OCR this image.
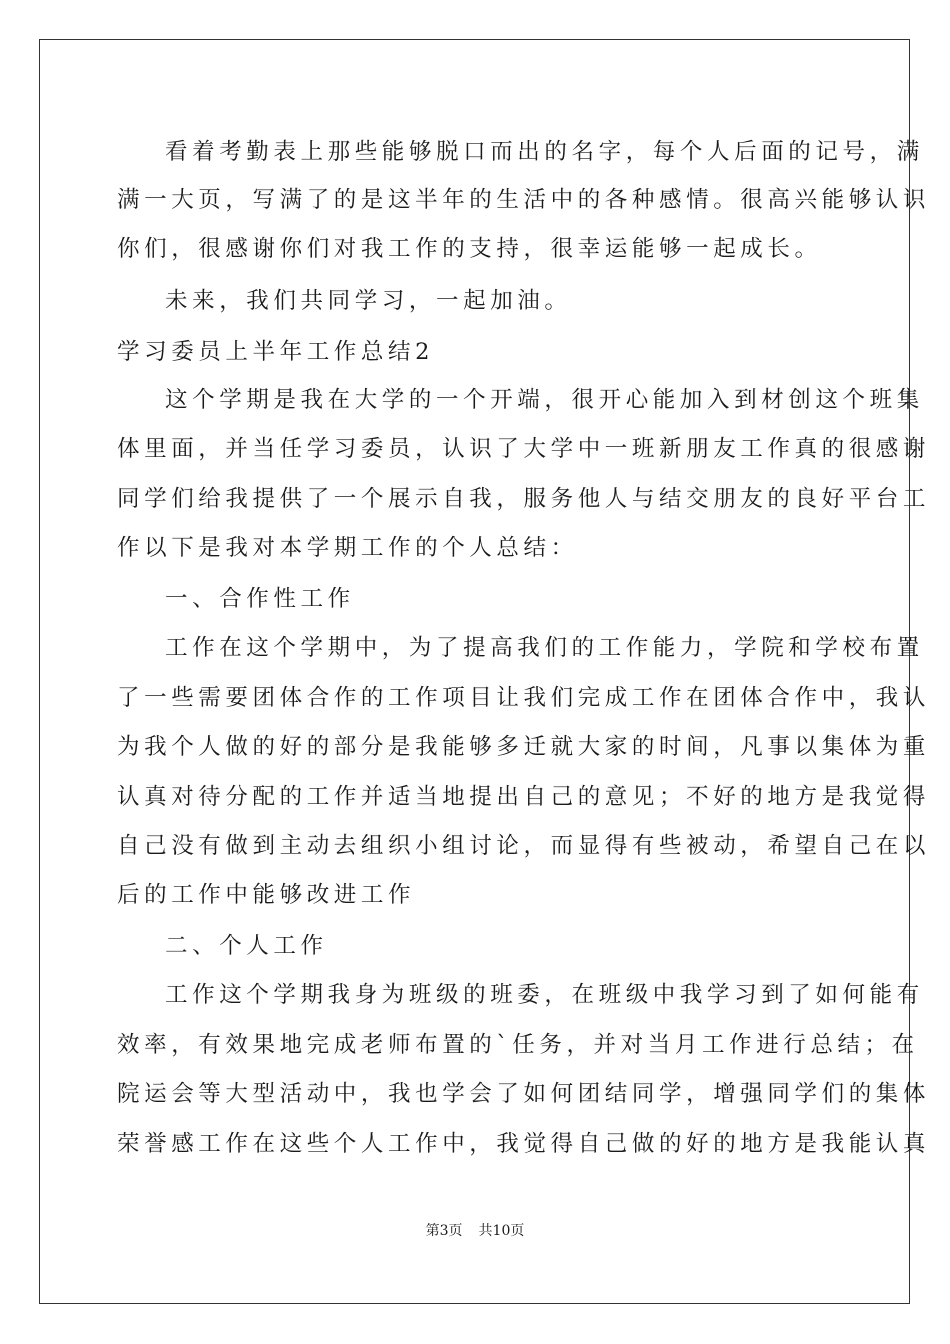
看着考勤表上那些能够脱口而出的名字，每个人后面的记号，满

满一大页，写满了的是这半年的生活中的各种感情。很高兴能够认识

你们，很感谢你们对我工作的支持，很幸运能够一起成长。

未来，我们共同学习，一起加油。

学习委员上半年工作总结2

这个学期是我在大学的一个开端，很开心能加入到材创这个班集

体里面，并当任学习委员，认识了大学中一班新朋友工作真的很感谢

同学们给我提供了一个展示自我，服务他人与结交朋友的良好平台工

作以下是我对本学期工作的个人总结：

一、合作性工作

工作在这个学期中，为了提高我们的工作能力，学院和学校布置

了一些需要团体合作的工作项目让我们完成工作在团体合作中，我认

为我个人做的好的部分是我能够多迁就大家的时间，凡事以集体为重

认真对待分配的工作并适当地提出自己的意见；不好的地方是我觉得

自己没有做到主动去组织小组讨论，而显得有些被动，希望自己在以

后的工作中能够改进工作

二、个人工作

工作这个学期我身为班级的班委，在班级中我学习到了如何能有

效率，有效果地完成老师布置的`任务，并对当月工作进行总结；在

院运会等大型活动中，我也学会了如何团结同学，增强同学们的集体

荣誉感工作在这些个人工作中，我觉得自己做的好的地方是我能认真

第3页 共10页
